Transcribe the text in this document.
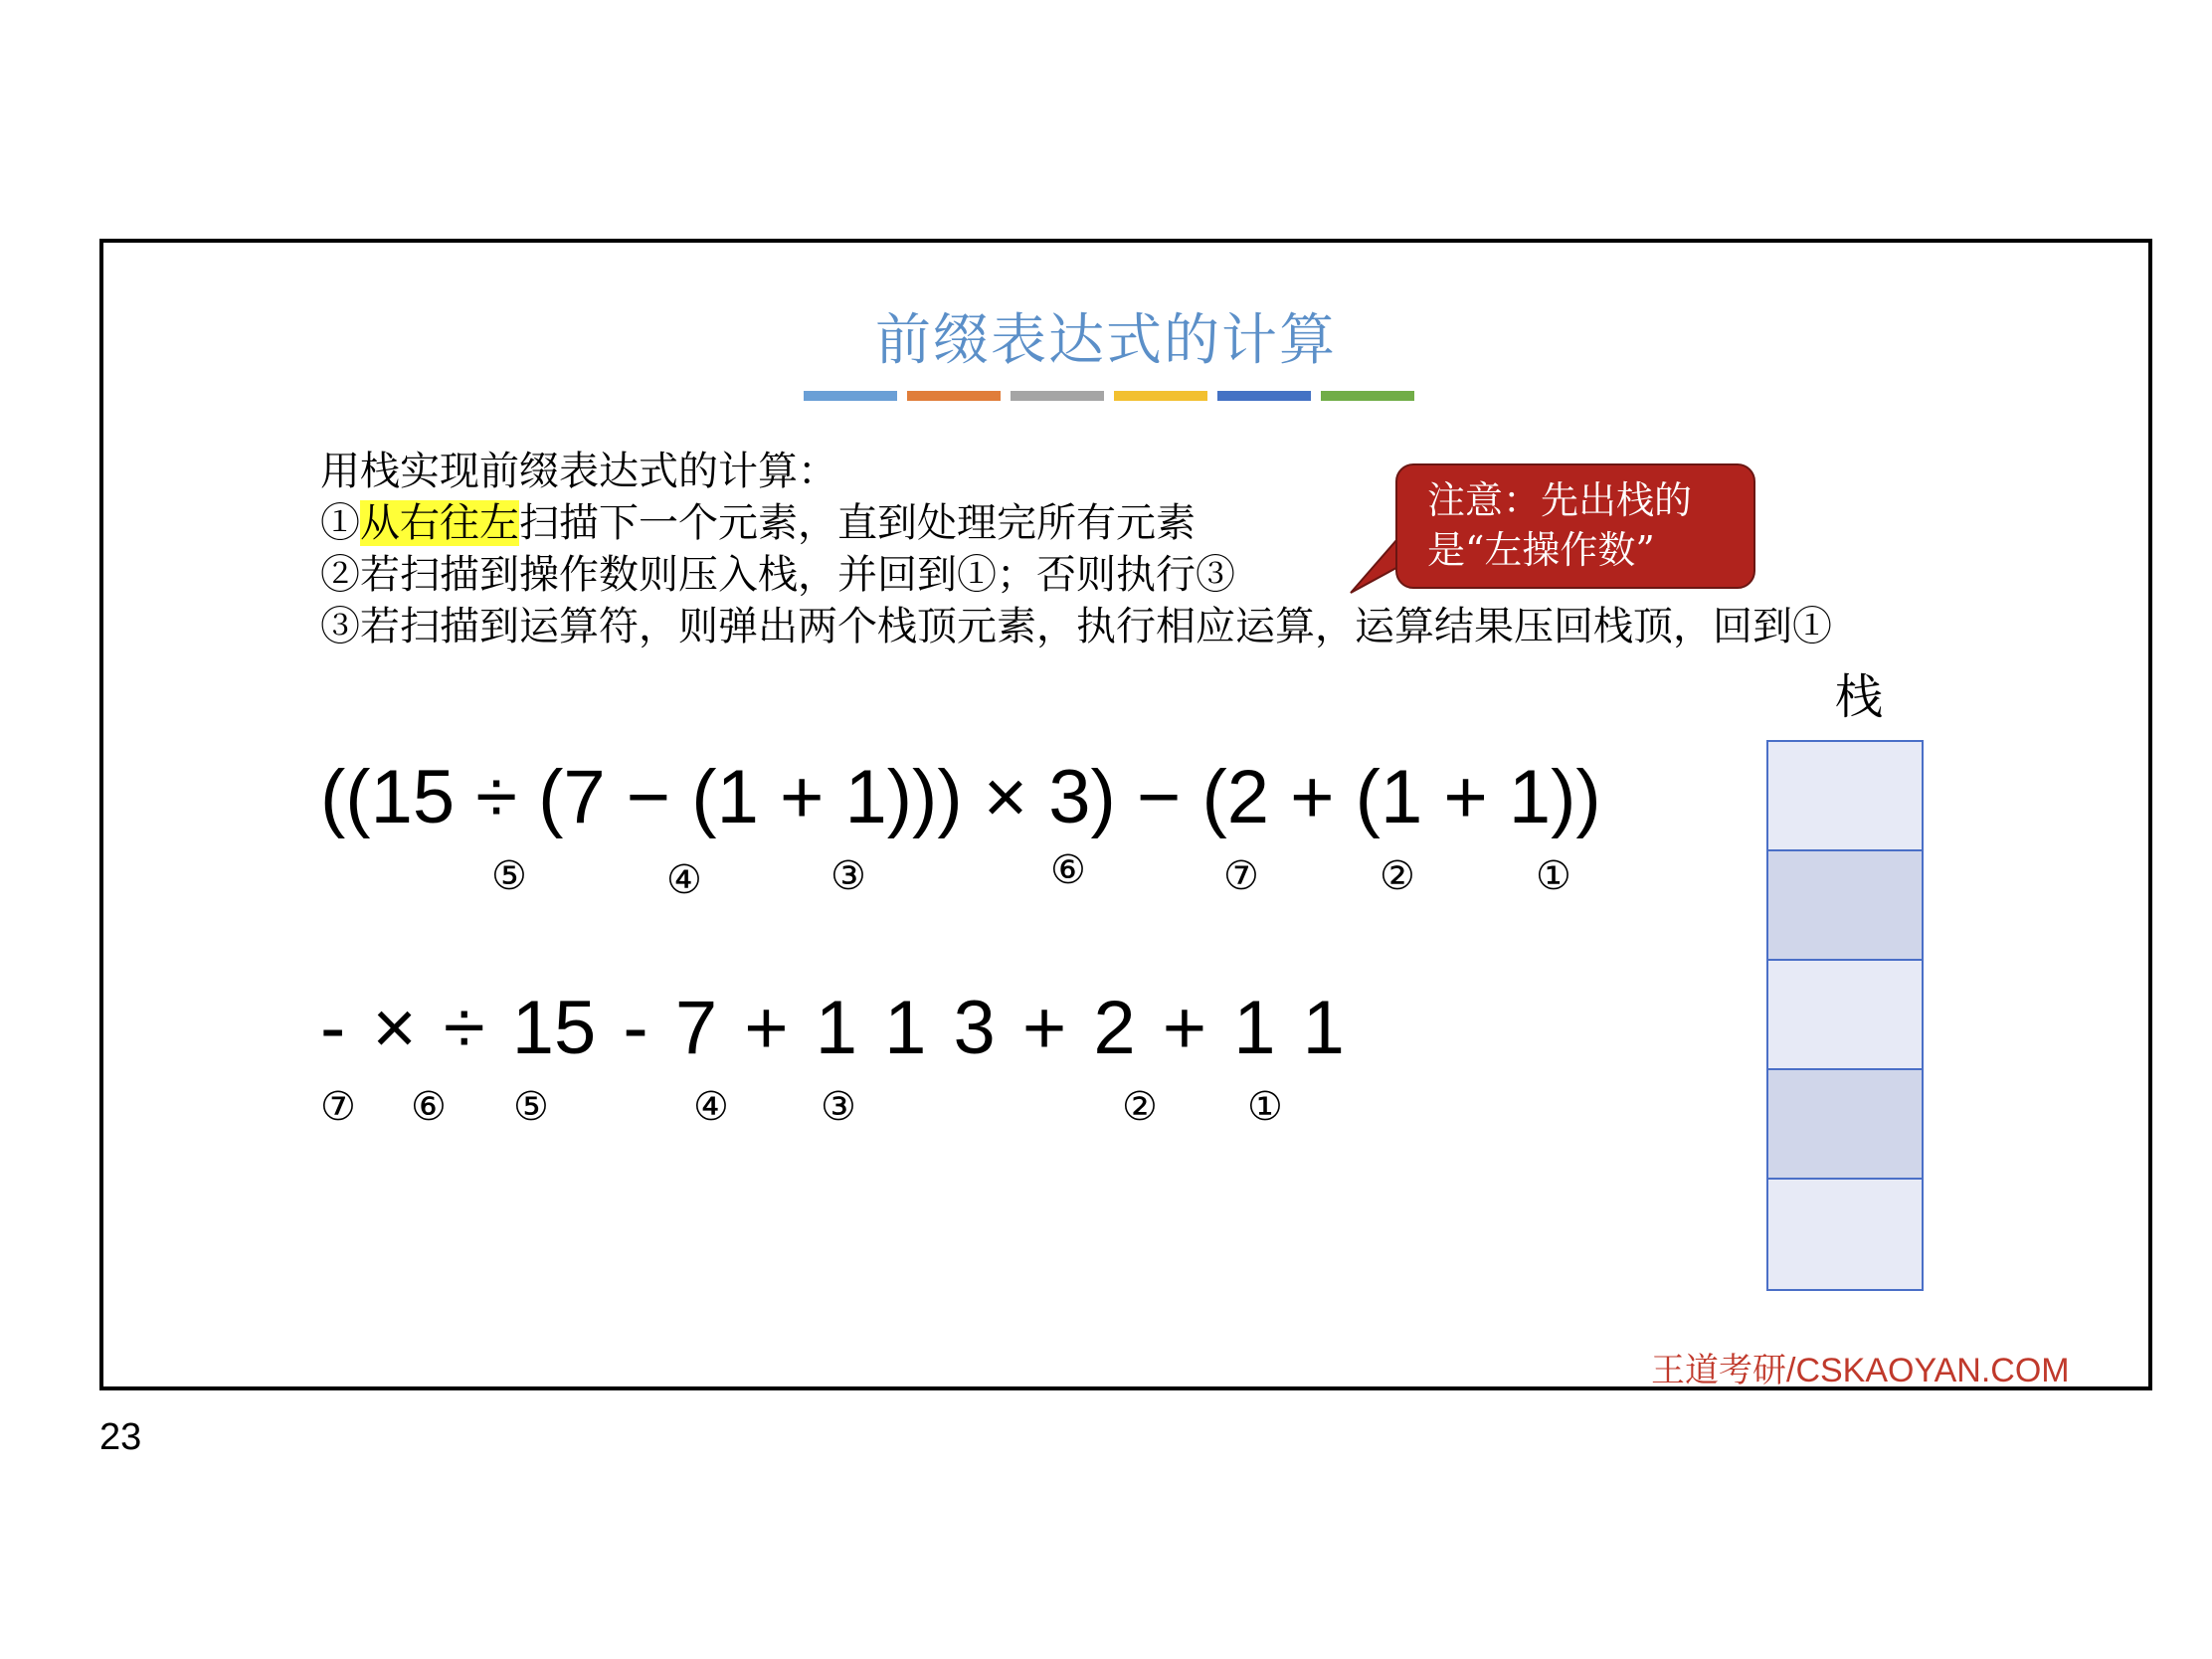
前缀表达式的计算
用栈实现前缀表达式的计算：
①从右往左扫描下一个元素，直到处理完所有元素
②若扫描到操作数则压入栈，并回到①；否则执行③
③若扫描到运算符，则弹出两个栈顶元素，执行相应运算，运算结果压回栈顶，回到①
注意：先出栈的
是“左操作数”
栈
((15 ÷ (7 − (1 + 1))) × 3) − (2 + (1 + 1))
⑤	④	③	⑥	⑦	②	①
- × ÷ 15 - 7 + 1 1 3 + 2 + 1 1
⑦ ⑥ ⑤	④ ③	② ①
王道考研/CSKAOYAN.COM
23
